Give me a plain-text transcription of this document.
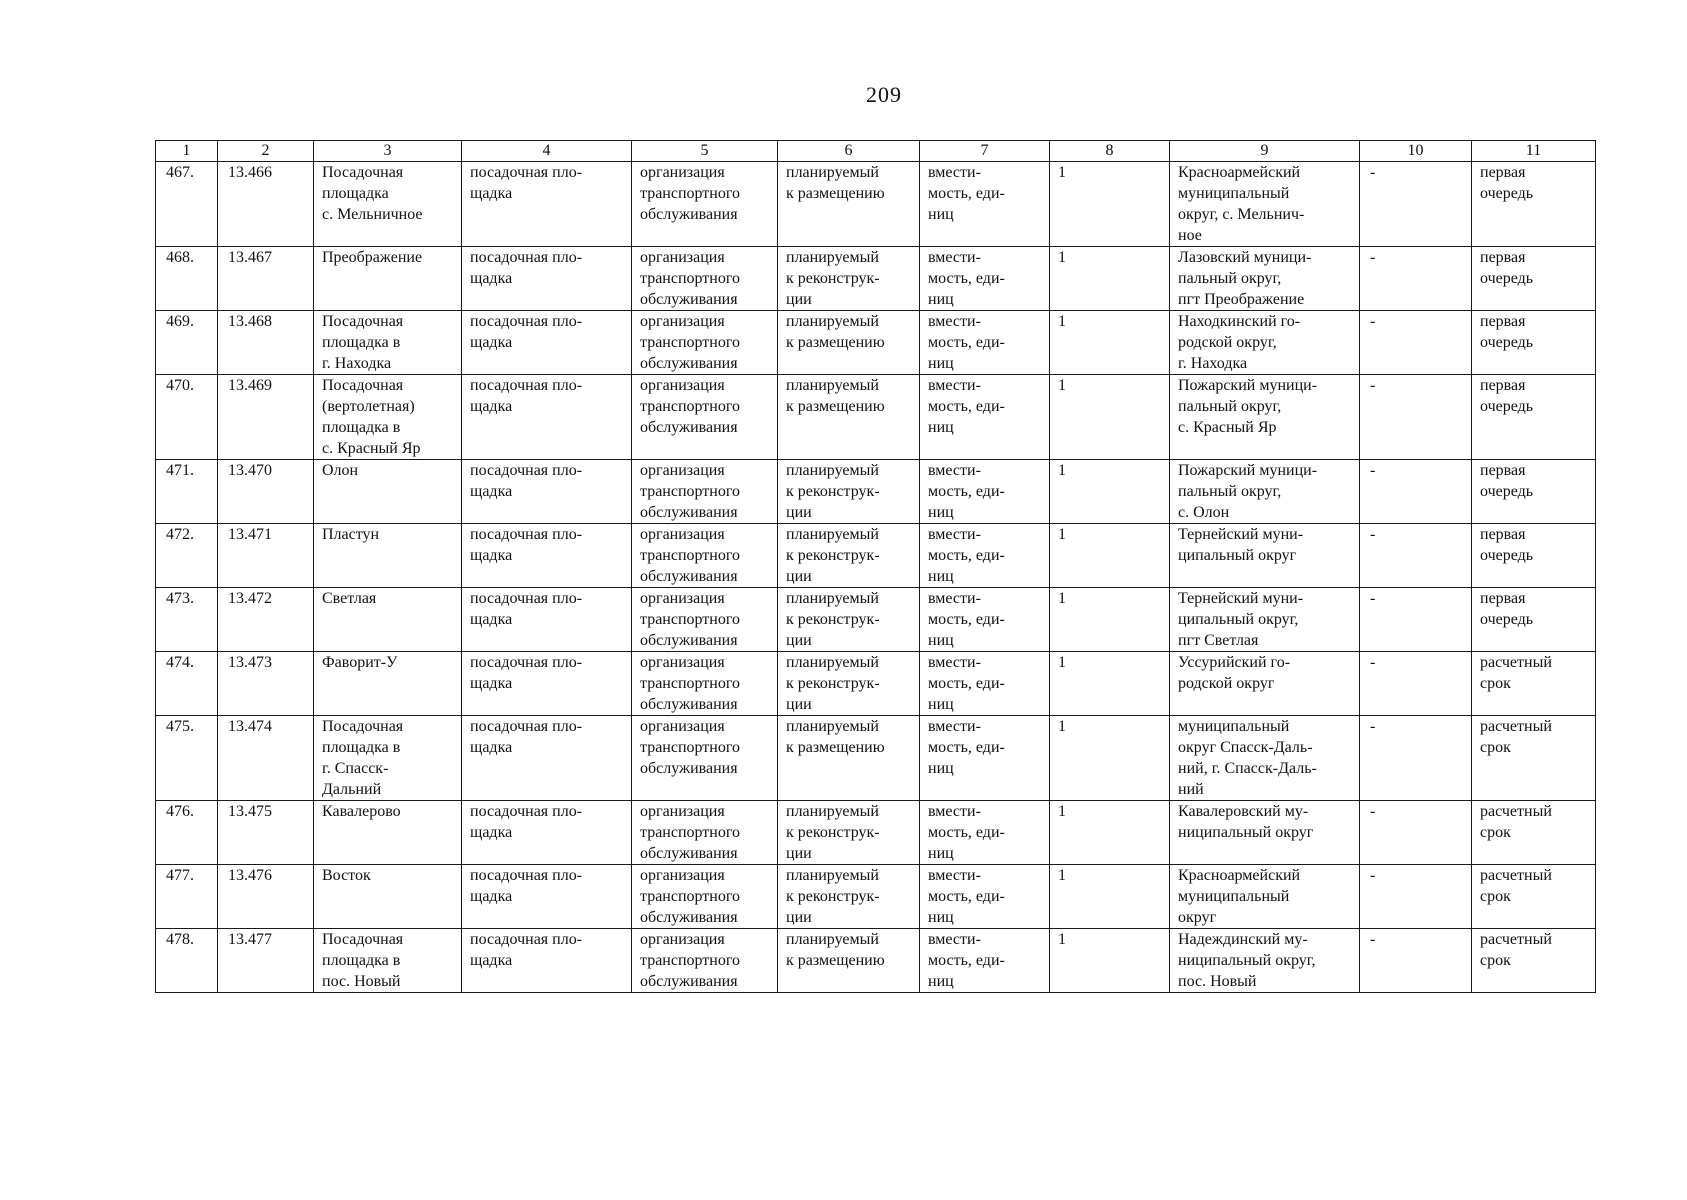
209
1	2	3	4	5	6	7	8	9	10	11
467.	13.466	Посадочная
площадка
с. Мельничное	посадочная пло-
щадка	организация
транспортного
обслуживания	планируемый
к размещению	вмести-
мость, еди-
ниц	1	Красноармейский
муниципальный
округ, с. Мельнич-
ное	-	первая
очередь
468.	13.467	Преображение	посадочная пло-
щадка	организация
транспортного
обслуживания	планируемый
к реконструк-
ции	вмести-
мость, еди-
ниц	1	Лазовский муници-
пальный округ,
пгт Преображение	-	первая
очередь
469.	13.468	Посадочная
площадка в
г. Находка	посадочная пло-
щадка	организация
транспортного
обслуживания	планируемый
к размещению	вмести-
мость, еди-
ниц	1	Находкинский го-
родской округ,
г. Находка	-	первая
очередь
470.	13.469	Посадочная
(вертолетная)
площадка в
с. Красный Яр	посадочная пло-
щадка	организация
транспортного
обслуживания	планируемый
к размещению	вмести-
мость, еди-
ниц	1	Пожарский муници-
пальный округ,
с. Красный Яр	-	первая
очередь
471.	13.470	Олон	посадочная пло-
щадка	организация
транспортного
обслуживания	планируемый
к реконструк-
ции	вмести-
мость, еди-
ниц	1	Пожарский муници-
пальный округ,
с. Олон	-	первая
очередь
472.	13.471	Пластун	посадочная пло-
щадка	организация
транспортного
обслуживания	планируемый
к реконструк-
ции	вмести-
мость, еди-
ниц	1	Тернейский муни-
ципальный округ	-	первая
очередь
473.	13.472	Светлая	посадочная пло-
щадка	организация
транспортного
обслуживания	планируемый
к реконструк-
ции	вмести-
мость, еди-
ниц	1	Тернейский муни-
ципальный округ,
пгт Светлая	-	первая
очередь
474.	13.473	Фаворит-У	посадочная пло-
щадка	организация
транспортного
обслуживания	планируемый
к реконструк-
ции	вмести-
мость, еди-
ниц	1	Уссурийский го-
родской округ	-	расчетный
срок
475.	13.474	Посадочная
площадка в
г. Спасск-
Дальний	посадочная пло-
щадка	организация
транспортного
обслуживания	планируемый
к размещению	вмести-
мость, еди-
ниц	1	муниципальный
округ Спасск-Даль-
ний, г. Спасск-Даль-
ний	-	расчетный
срок
476.	13.475	Кавалерово	посадочная пло-
щадка	организация
транспортного
обслуживания	планируемый
к реконструк-
ции	вмести-
мость, еди-
ниц	1	Кавалеровский му-
ниципальный округ	-	расчетный
срок
477.	13.476	Восток	посадочная пло-
щадка	организация
транспортного
обслуживания	планируемый
к реконструк-
ции	вмести-
мость, еди-
ниц	1	Красноармейский
муниципальный
округ	-	расчетный
срок
478.	13.477	Посадочная
площадка в
пос. Новый	посадочная пло-
щадка	организация
транспортного
обслуживания	планируемый
к размещению	вмести-
мость, еди-
ниц	1	Надеждинский му-
ниципальный округ,
пос. Новый	-	расчетный
срок
